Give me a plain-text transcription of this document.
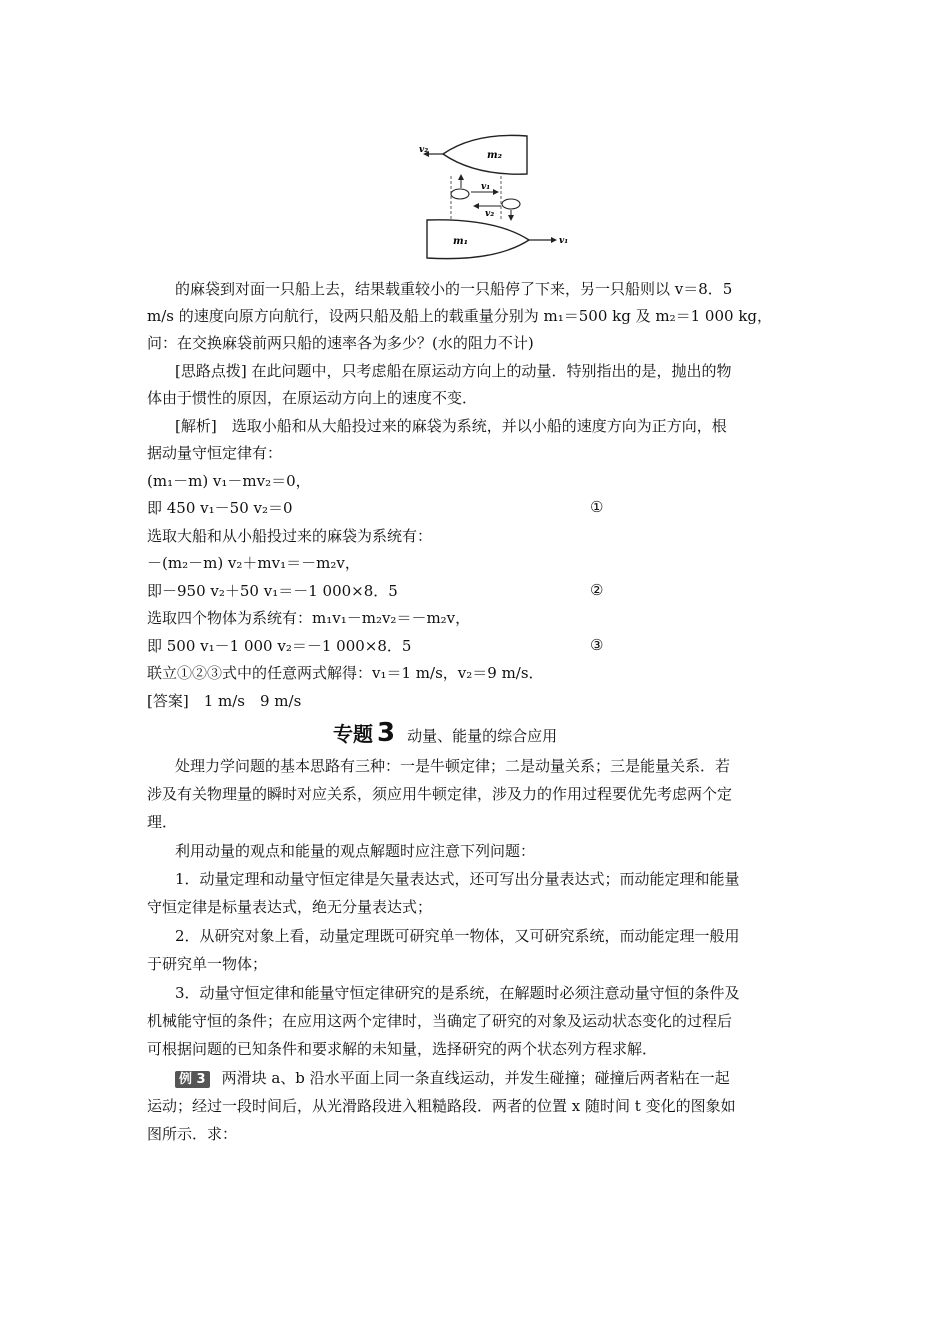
m₂
v₂
m₁	v₁
v₁
v₂
的麻袋到对面一只船上去，结果载重较小的一只船停了下来，另一只船则以 v＝8．5
m/s 的速度向原方向航行，设两只船及船上的载重量分别为 m₁＝500 kg 及 m₂＝1 000 kg，
问：在交换麻袋前两只船的速率各为多少？(水的阻力不计)
[思路点拨] 在此问题中，只考虑船在原运动方向上的动量．特别指出的是，抛出的物
体由于惯性的原因，在原运动方向上的速度不变．
[解析]　选取小船和从大船投过来的麻袋为系统，并以小船的速度方向为正方向，根
据动量守恒定律有：
(m₁－m) v₁－mv₂＝0，
即 450 v₁－50 v₂＝0	①
选取大船和从小船投过来的麻袋为系统有：
－(m₂－m) v₂＋mv₁＝－m₂v，
即－950 v₂＋50 v₁＝－1 000×8．5	②
选取四个物体为系统有：m₁v₁－m₂v₂＝－m₂v，
即 500 v₁－1 000 v₂＝－1 000×8．5	③
联立①②③式中的任意两式解得：v₁＝1 m/s，v₂＝9 m/s．
[答案]　1 m/s　9 m/s
专题 3 动量、能量的综合应用
处理力学问题的基本思路有三种：一是牛顿定律；二是动量关系；三是能量关系．若
涉及有关物理量的瞬时对应关系，须应用牛顿定律，涉及力的作用过程要优先考虑两个定
理．
利用动量的观点和能量的观点解题时应注意下列问题：
1．动量定理和动量守恒定律是矢量表达式，还可写出分量表达式；而动能定理和能量
守恒定律是标量表达式，绝无分量表达式；
2．从研究对象上看，动量定理既可研究单一物体，又可研究系统，而动能定理一般用
于研究单一物体；
3．动量守恒定律和能量守恒定律研究的是系统，在解题时必须注意动量守恒的条件及
机械能守恒的条件；在应用这两个定律时，当确定了研究的对象及运动状态变化的过程后
可根据问题的已知条件和要求解的未知量，选择研究的两个状态列方程求解．
例 3 两滑块 a、b 沿水平面上同一条直线运动，并发生碰撞；碰撞后两者粘在一起
运动；经过一段时间后，从光滑路段进入粗糙路段．两者的位置 x 随时间 t 变化的图象如
图所示．求：
